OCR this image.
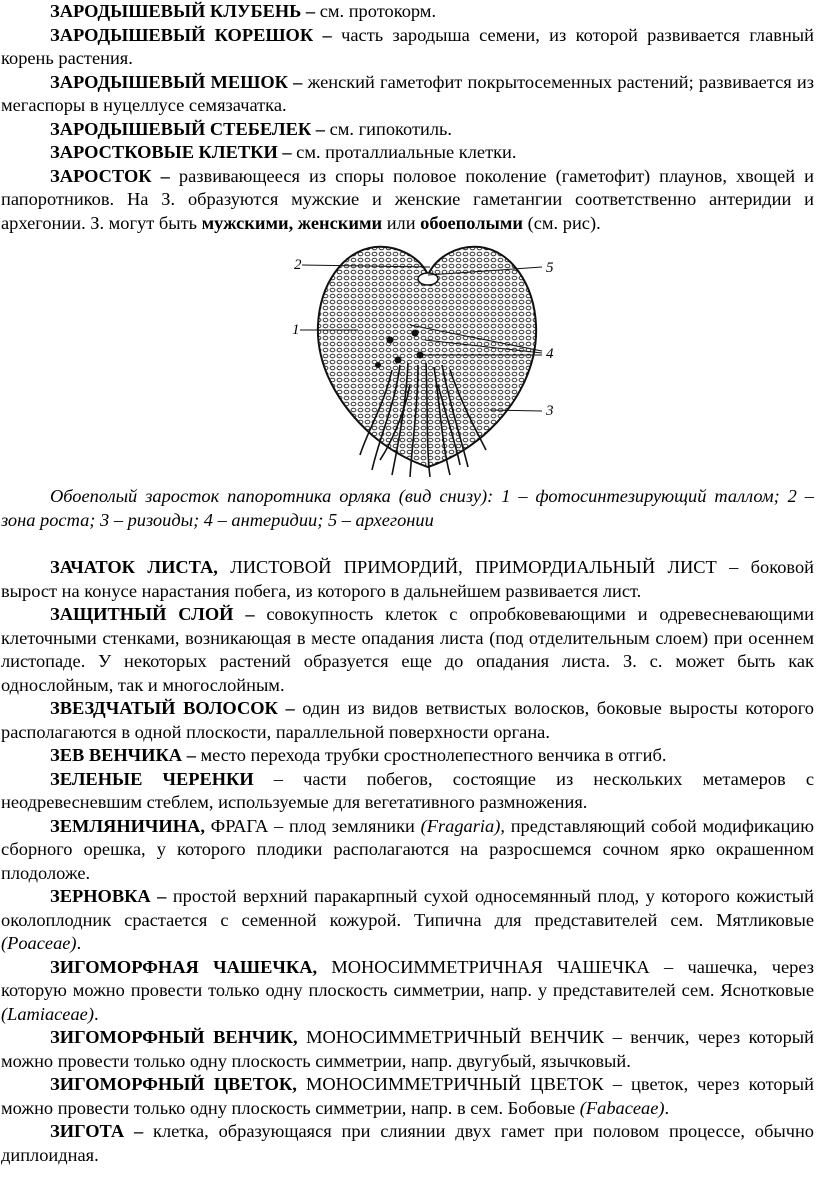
ЗАРОДЫШЕВЫЙ КЛУБЕНЬ – см. протокорм.

ЗАРОДЫШЕВЫЙ КОРЕШОК – часть зародыша семени, из которой развивается главный корень растения.

ЗАРОДЫШЕВЫЙ МЕШОК – женский гаметофит покрытосеменных растений; развивается из мегаспоры в нуцеллусе семязачатка.

ЗАРОДЫШЕВЫЙ СТЕБЕЛЕК – см. гипокотиль.

ЗАРОСТКОВЫЕ КЛЕТКИ – см. проталлиальные клетки.

ЗАРОСТОК – развивающееся из споры половое поколение (гаметофит) плаунов, хвощей и папоротников. На З. образуются мужские и женские гаметангии соответственно антеридии и архегонии. З. могут быть мужскими, женскими или обоеполыми (см. рис).

2
1
5
4
3

Обоеполый заросток папоротника орляка (вид снизу): 1 – фотосинтезирующий таллом; 2 – зона роста; 3 – ризоиды; 4 – антеридии; 5 – архегонии

ЗАЧАТОК ЛИСТА, ЛИСТОВОЙ ПРИМОРДИЙ, ПРИМОРДИАЛЬНЫЙ ЛИСТ – боковой вырост на конусе нарастания побега, из которого в дальнейшем развивается лист.

ЗАЩИТНЫЙ СЛОЙ – совокупность клеток с опробковевающими и одревесневающими клеточными стенками, возникающая в месте опадания листа (под отделительным слоем) при осеннем листопаде. У некоторых растений образуется еще до опадания листа. З. с. может быть как однослойным, так и многослойным.

ЗВЕЗДЧАТЫЙ ВОЛОСОК – один из видов ветвистых волосков, боковые выросты которого располагаются в одной плоскости, параллельной поверхности органа.

ЗЕВ ВЕНЧИКА – место перехода трубки сростнолепестного венчика в отгиб.

ЗЕЛЕНЫЕ ЧЕРЕНКИ – части побегов, состоящие из нескольких метамеров с неодревесневшим стеблем, используемые для вегетативного размножения.

ЗЕМЛЯНИЧИНА, ФРАГА – плод земляники (Fragaria), представляющий собой модификацию сборного орешка, у которого плодики располагаются на разросшемся сочном ярко окрашенном плодоложе.

ЗЕРНОВКА – простой верхний паракарпный сухой односемянный плод, у которого кожистый околоплодник срастается с семенной кожурой. Типична для представителей сем. Мятликовые (Poaceae).

ЗИГОМОРФНАЯ ЧАШЕЧКА, МОНОСИММЕТРИЧНАЯ ЧАШЕЧКА – чашечка, через которую можно провести только одну плоскость симметрии, напр. у представителей сем. Яснотковые (Lamiaceae).

ЗИГОМОРФНЫЙ ВЕНЧИК, МОНОСИММЕТРИЧНЫЙ ВЕНЧИК – венчик, через который можно провести только одну плоскость симметрии, напр. двугубый, язычковый.

ЗИГОМОРФНЫЙ ЦВЕТОК, МОНОСИММЕТРИЧНЫЙ ЦВЕТОК – цветок, через который можно провести только одну плоскость симметрии, напр. в сем. Бобовые (Fabaceae).

ЗИГОТА – клетка, образующаяся при слиянии двух гамет при половом процессе, обычно диплоидная.
